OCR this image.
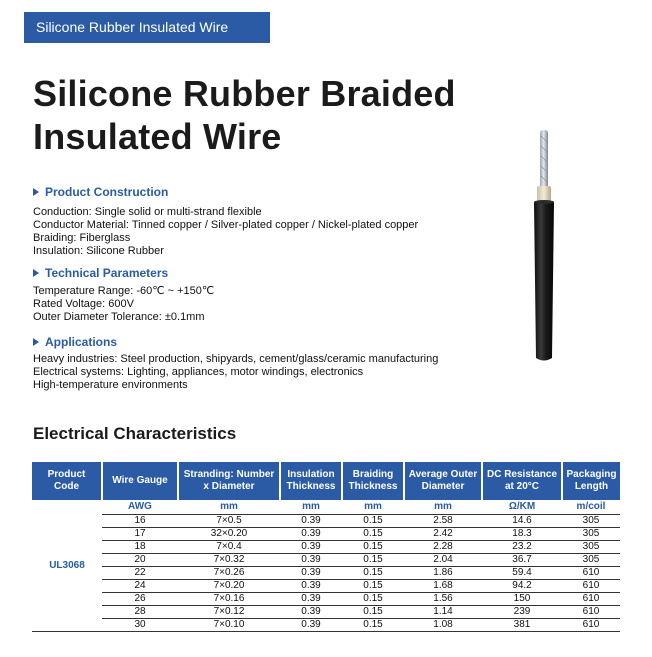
Silicone Rubber Insulated Wire
Silicone Rubber Braided
Insulated Wire
Product Construction
Conduction: Single solid or multi-strand flexible
Conductor Material: Tinned copper / Silver-plated copper / Nickel-plated copper
Braiding: Fiberglass
Insulation: Silicone Rubber
Technical Parameters
Temperature Range: -60℃ ~ +150℃
Rated Voltage: 600V
Outer Diameter Tolerance: ±0.1mm
Applications
Heavy industries: Steel production, shipyards, cement/glass/ceramic manufacturing
Electrical systems: Lighting, appliances, motor windings, electronics
High-temperature environments
Electrical Characteristics
Product Code	Wire Gauge	Stranding: Number x Diameter	Insulation Thickness	Braiding Thickness	Average Outer Diameter	DC Resistance at 20°C	Packaging Length
UL3068	AWG	mm	mm	mm	mm	Ω/KM	m/coil
	16	7×0.5	0.39	0.15	2.58	14.6	305
	17	32×0.20	0.39	0.15	2.42	18.3	305
	18	7×0.4	0.39	0.15	2.28	23.2	305
	20	7×0.32	0.39	0.15	2.04	36.7	305
	22	7×0.26	0.39	0.15	1.86	59.4	610
	24	7×0.20	0.39	0.15	1.68	94.2	610
	26	7×0.16	0.39	0.15	1.56	150	610
	28	7×0.12	0.39	0.15	1.14	239	610
	30	7×0.10	0.39	0.15	1.08	381	610
